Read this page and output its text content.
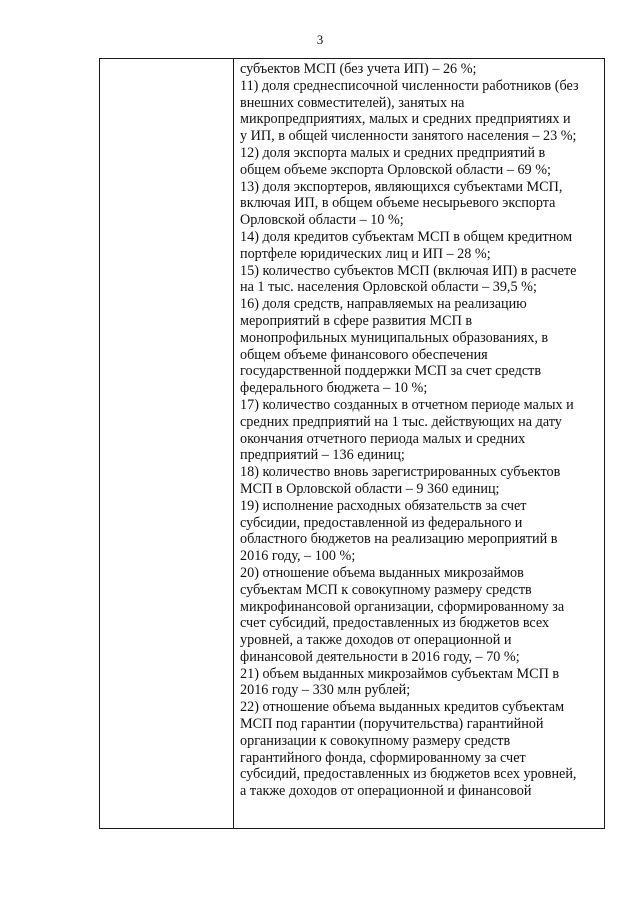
3
субъектов МСП (без учета ИП) – 26 %;
11) доля среднесписочной численности работников (без
внешних совместителей), занятых на
микропредприятиях, малых и средних предприятиях и
у ИП, в общей численности занятого населения – 23 %;
12) доля экспорта малых и средних предприятий в
общем объеме экспорта Орловской области – 69 %;
13) доля экспортеров, являющихся субъектами МСП,
включая ИП, в общем объеме несырьевого экспорта
Орловской области – 10 %;
14) доля кредитов субъектам МСП в общем кредитном
портфеле юридических лиц и ИП – 28 %;
15) количество субъектов МСП (включая ИП) в расчете
на 1 тыс. населения Орловской области – 39,5 %;
16) доля средств, направляемых на реализацию
мероприятий в сфере развития МСП в
монопрофильных муниципальных образованиях, в
общем объеме финансового обеспечения
государственной поддержки МСП за счет средств
федерального бюджета – 10 %;
17) количество созданных в отчетном периоде малых и
средних предприятий на 1 тыс. действующих на дату
окончания отчетного периода малых и средних
предприятий – 136 единиц;
18) количество вновь зарегистрированных субъектов
МСП в Орловской области – 9 360 единиц;
19) исполнение расходных обязательств за счет
субсидии, предоставленной из федерального и
областного бюджетов на реализацию мероприятий в
2016 году, – 100 %;
20) отношение объема выданных микрозаймов
субъектам МСП к совокупному размеру средств
микрофинансовой организации, сформированному за
счет субсидий, предоставленных из бюджетов всех
уровней, а также доходов от операционной и
финансовой деятельности в 2016 году, – 70 %;
21) объем выданных микрозаймов субъектам МСП в
2016 году – 330 млн рублей;
22) отношение объема выданных кредитов субъектам
МСП под гарантии (поручительства) гарантийной
организации к совокупному размеру средств
гарантийного фонда, сформированному за счет
субсидий, предоставленных из бюджетов всех уровней,
а также доходов от операционной и финансовой
